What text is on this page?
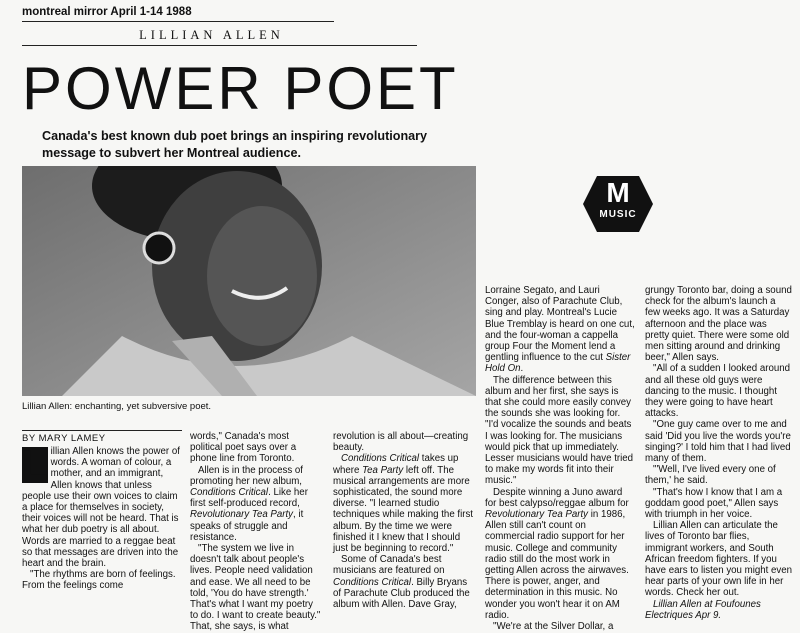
montreal mirror April 1-14 1988
LILLIAN ALLEN
POWER POET
Canada's best known dub poet brings an inspiring revolutionary message to subvert her Montreal audience.
Lillian Allen: enchanting, yet subversive poet.
M
MUSIC
BY MARY LAMEY
L illian Allen knows the power of words. A woman of colour, a mother, and an immigrant, Allen knows that unless people use their own voices to claim a place for themselves in society, their voices will not be heard. That is what her dub poetry is all about. Words are married to a reggae beat so that messages are driven into the heart and the brain.

"The rhythms are born of feelings. From the feelings come

words," Canada's most political poet says over a phone line from Toronto.

Allen is in the process of promoting her new album, Conditions Critical. Like her first self-produced record, Revolutionary Tea Party, it speaks of struggle and resistance.

"The system we live in doesn't talk about people's lives. People need validation and ease. We all need to be told, 'You do have strength.' That's what I want my poetry to do. I want to create beauty." That, she says, is what

revolution is all about—creating beauty.

Conditions Critical takes up where Tea Party left off. The musical arrangements are more sophisticated, the sound more diverse. "I learned studio techniques while making the first album. By the time we were finished it I knew that I should just be beginning to record."

Some of Canada's best musicians are featured on Conditions Critical. Billy Bryans of Parachute Club produced the album with Allen. Dave Gray,

Lorraine Segato, and Lauri Conger, also of Parachute Club, sing and play. Montreal's Lucie Blue Tremblay is heard on one cut, and the four-woman a cappella group Four the Moment lend a gentling influence to the cut Sister Hold On.

The difference between this album and her first, she says is that she could more easily convey the sounds she was looking for. "I'd vocalize the sounds and beats I was looking for. The musicians would pick that up immediately. Lesser musicians would have tried to make my words fit into their music."

Despite winning a Juno award for best calypso/reggae album for Revolutionary Tea Party in 1986, Allen still can't count on commercial radio support for her music. College and community radio still do the most work in getting Allen across the airwaves. There is power, anger, and determination in this music. No wonder you won't hear it on AM radio.

"We're at the Silver Dollar, a

grungy Toronto bar, doing a sound check for the album's launch a few weeks ago. It was a Saturday afternoon and the place was pretty quiet. There were some old men sitting around and drinking beer," Allen says.

"All of a sudden I looked around and all these old guys were dancing to the music. I thought they were going to have heart attacks.

"One guy came over to me and said 'Did you live the words you're singing?' I told him that I had lived many of them.

"'Well, I've lived every one of them,' he said.

"That's how I know that I am a goddam good poet," Allen says with triumph in her voice.

Lillian Allen can articulate the lives of Toronto bar flies, immigrant workers, and South African freedom fighters. If you have ears to listen you might even hear parts of your own life in her words. Check her out.

Lillian Allen at Foufounes Electriques Apr 9.
